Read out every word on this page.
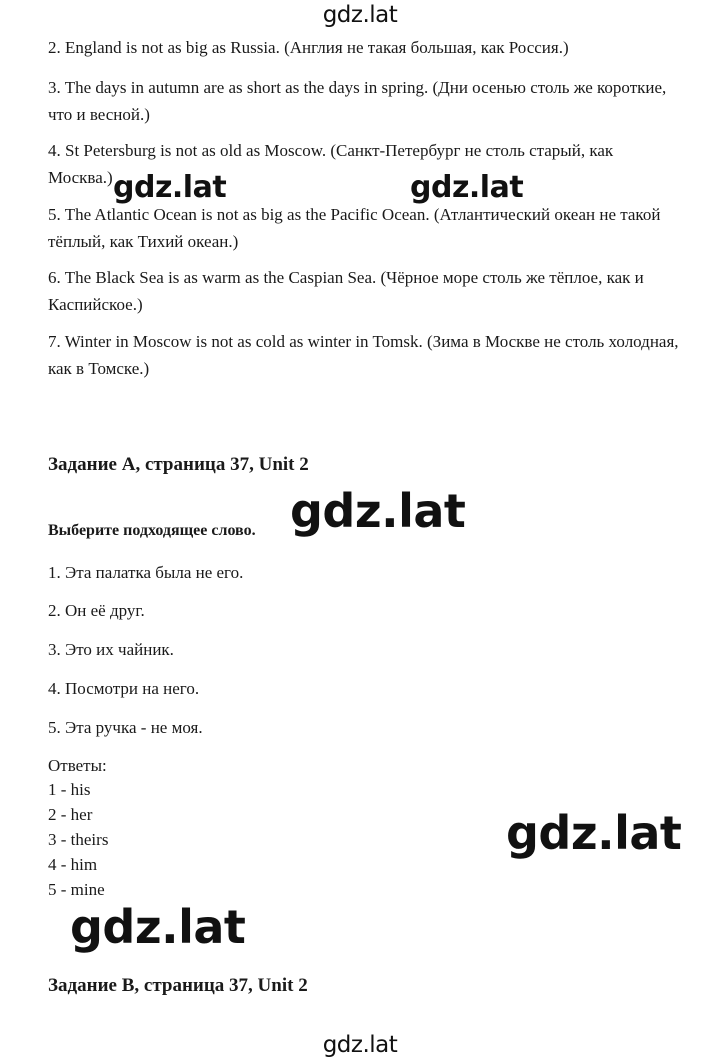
2. England is not as big as Russia. (Англия не такая большая, как Россия.)

3. The days in autumn are as short as the days in spring. (Дни осенью столь же короткие, что и весной.)

4. St Petersburg is not as old as Moscow. (Санкт-Петербург не столь старый, как Москва.)

5. The Atlantic Ocean is not as big as the Pacific Ocean. (Атлантический океан не такой тёплый, как Тихий океан.)

6. The Black Sea is as warm as the Caspian Sea. (Чёрное море столь же тёплое, как и Каспийское.)

7. Winter in Moscow is not as cold as winter in Tomsk. (Зима в Москве не столь холодная, как в Томске.)

Задание А, страница 37, Unit 2
Выберите подходящее слово.
1. Эта палатка была не его.
2. Он её друг.
3. Это их чайник.
4. Посмотри на него.
5. Эта ручка - не моя.
Ответы:
1 - his
2 - her
3 - theirs
4 - him
5 - mine
Задание В, страница 37, Unit 2
gdz.lat
gdz.lat	gdz.lat
gdz.lat
gdz.lat
gdz.lat
gdz.lat
